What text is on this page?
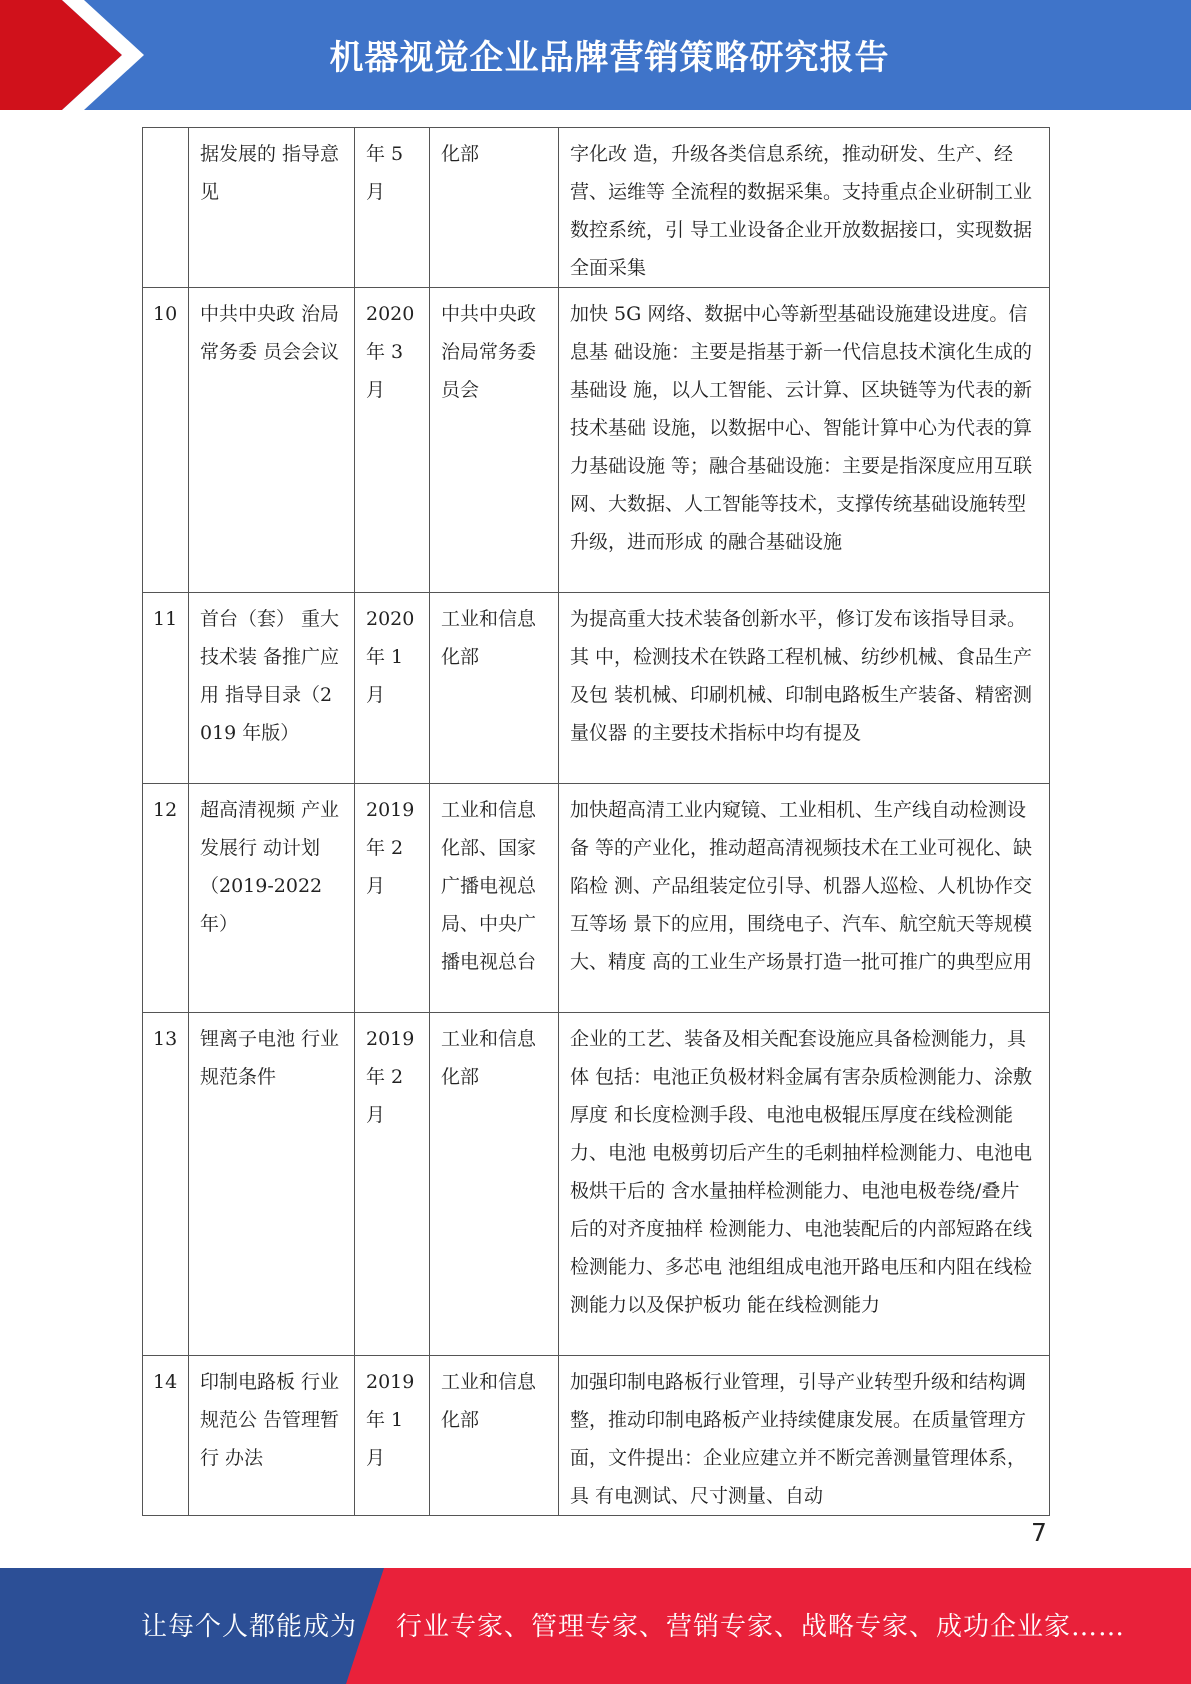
机器视觉企业品牌营销策略研究报告
	据发展的 指导意见	年 5 月	化部	字化改 造，升级各类信息系统，推动研发、生产、经营、运维等 全流程的数据采集。支持重点企业研制工业数控系统，引 导工业设备企业开放数据接口，实现数据全面采集
10	中共中央政 治局常务委 员会会议	2020 年 3 月	中共中央政治局常务委员会	加快 5G 网络、数据中心等新型基础设施建设进度。信息基 础设施：主要是指基于新一代信息技术演化生成的基础设 施，以人工智能、云计算、区块链等为代表的新技术基础 设施，以数据中心、智能计算中心为代表的算力基础设施 等；融合基础设施：主要是指深度应用互联网、大数据、人工智能等技术，支撑传统基础设施转型升级，进而形成 的融合基础设施
11	首台（套） 重大技术装 备推广应用 指导目录（2019 年版）	2020 年 1 月	工业和信息化部	为提高重大技术装备创新水平，修订发布该指导目录。其 中，检测技术在铁路工程机械、纺纱机械、食品生产及包 装机械、印刷机械、印制电路板生产装备、精密测量仪器 的主要技术指标中均有提及
12	超高清视频 产业发展行 动计划 （2019-2022 年）	2019 年 2 月	工业和信息化部、国家广播电视总局、中央广播电视总台	加快超高清工业内窥镜、工业相机、生产线自动检测设备 等的产业化，推动超高清视频技术在工业可视化、缺陷检 测、产品组装定位引导、机器人巡检、人机协作交互等场 景下的应用，围绕电子、汽车、航空航天等规模大、精度 高的工业生产场景打造一批可推广的典型应用
13	锂离子电池 行业规范条件	2019 年 2 月	工业和信息化部	企业的工艺、装备及相关配套设施应具备检测能力，具体 包括：电池正负极材料金属有害杂质检测能力、涂敷厚度 和长度检测手段、电池电极辊压厚度在线检测能力、电池 电极剪切后产生的毛刺抽样检测能力、电池电极烘干后的 含水量抽样检测能力、电池电极卷绕/叠片后的对齐度抽样 检测能力、电池装配后的内部短路在线检测能力、多芯电 池组组成电池开路电压和内阻在线检测能力以及保护板功 能在线检测能力
14	印制电路板 行业规范公 告管理暂行 办法	2019 年 1 月	工业和信息化部	加强印制电路板行业管理，引导产业转型升级和结构调 整，推动印制电路板产业持续健康发展。在质量管理方 面，文件提出：企业应建立并不断完善测量管理体系，具 有电测试、尺寸测量、自动
7
让每个人都能成为 行业专家、管理专家、营销专家、战略专家、成功企业家……
